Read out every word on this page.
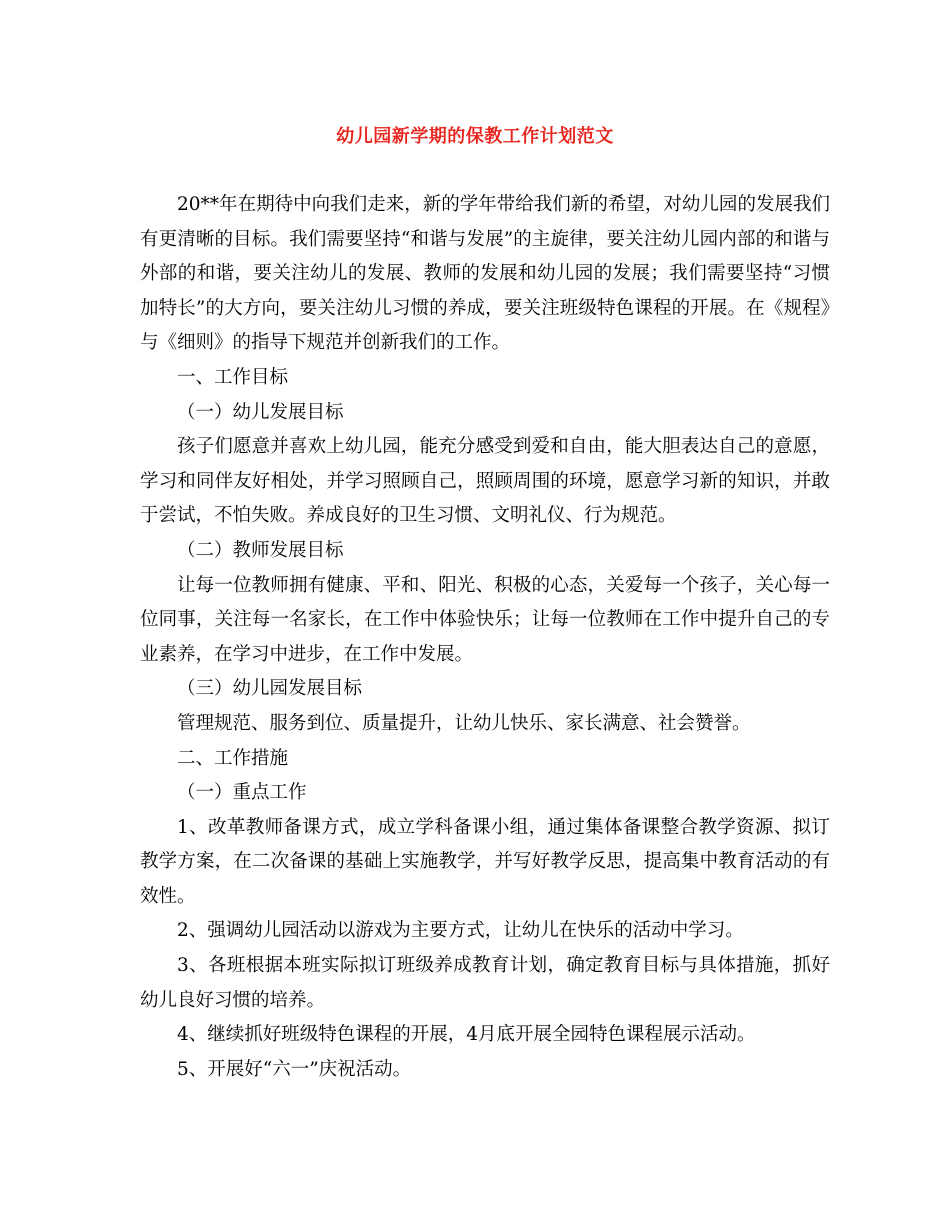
幼儿园新学期的保教工作计划范文

20**年在期待中向我们走来，新的学年带给我们新的希望，对幼儿园的发展我们有更清晰的目标。我们需要坚持“和谐与发展”的主旋律，要关注幼儿园内部的和谐与外部的和谐，要关注幼儿的发展、教师的发展和幼儿园的发展；我们需要坚持“习惯加特长”的大方向，要关注幼儿习惯的养成，要关注班级特色课程的开展。在《规程》与《细则》的指导下规范并创新我们的工作。

一、工作目标

（一）幼儿发展目标

孩子们愿意并喜欢上幼儿园，能充分感受到爱和自由，能大胆表达自己的意愿，学习和同伴友好相处，并学习照顾自己，照顾周围的环境，愿意学习新的知识，并敢于尝试，不怕失败。养成良好的卫生习惯、文明礼仪、行为规范。

（二）教师发展目标

让每一位教师拥有健康、平和、阳光、积极的心态，关爱每一个孩子，关心每一位同事，关注每一名家长，在工作中体验快乐；让每一位教师在工作中提升自己的专业素养，在学习中进步，在工作中发展。

（三）幼儿园发展目标

管理规范、服务到位、质量提升，让幼儿快乐、家长满意、社会赞誉。

二、工作措施

（一）重点工作

1、改革教师备课方式，成立学科备课小组，通过集体备课整合教学资源、拟订教学方案，在二次备课的基础上实施教学，并写好教学反思，提高集中教育活动的有效性。

2、强调幼儿园活动以游戏为主要方式，让幼儿在快乐的活动中学习。

3、各班根据本班实际拟订班级养成教育计划，确定教育目标与具体措施，抓好幼儿良好习惯的培养。

4、继续抓好班级特色课程的开展，4月底开展全园特色课程展示活动。

5、开展好“六一”庆祝活动。
